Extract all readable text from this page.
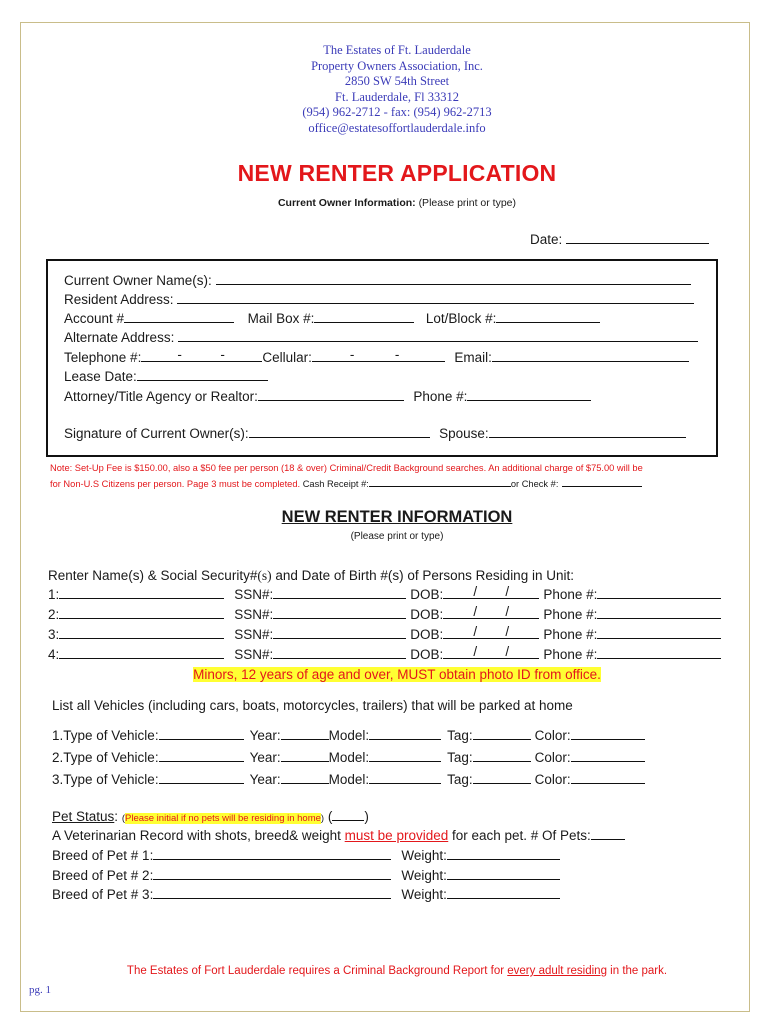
The Estates of Ft. Lauderdale
Property Owners Association, Inc.
2850 SW 54th Street
Ft. Lauderdale, Fl 33312
(954) 962-2712 - fax: (954) 962-2713
office@estatesoffortlauderdale.info
NEW RENTER APPLICATION
Current Owner Information: (Please print or type)
Date:
Current Owner Name(s):
Resident Address:
Account #	Mail Box #:	Lot/Block #:
Alternate Address:
Telephone #:	-	-	Cellular:	-	-	Email:
Lease Date:
Attorney/Title Agency or Realtor:	Phone #:
Signature of Current Owner(s):	Spouse:
Note: Set-Up Fee is $150.00, also a $50 fee per person (18 & over) Criminal/Credit Background searches. An additional charge of $75.00 will be
for Non-U.S Citizens per person. Page 3 must be completed. Cash Receipt #:	or Check #:
NEW RENTER INFORMATION
(Please print or type)
Renter Name(s) & Social Security#(s) and Date of Birth #(s) of Persons Residing in Unit:
1:	SSN#:	DOB: / /	Phone #:
2:	SSN#:	DOB: / /	Phone #:
3:	SSN#:	DOB: / /	Phone #:
4:	SSN#:	DOB: / /	Phone #:
Minors, 12 years of age and over, MUST obtain photo ID from office.
List all Vehicles (including cars, boats, motorcycles, trailers) that will be parked at home
1.Type of Vehicle:	Year:	Model:	Tag:	Color:
2.Type of Vehicle:	Year:	Model:	Tag:	Color:
3.Type of Vehicle:	Year:	Model:	Tag:	Color:
Pet Status: (Please initial if no pets will be residing in home) ( )
A Veterinarian Record with shots, breed& weight must be provided for each pet. # Of Pets:
Breed of Pet # 1:	Weight:
Breed of Pet # 2:	Weight:
Breed of Pet # 3:	Weight:
The Estates of Fort Lauderdale requires a Criminal Background Report for every adult residing in the park.
pg. 1
